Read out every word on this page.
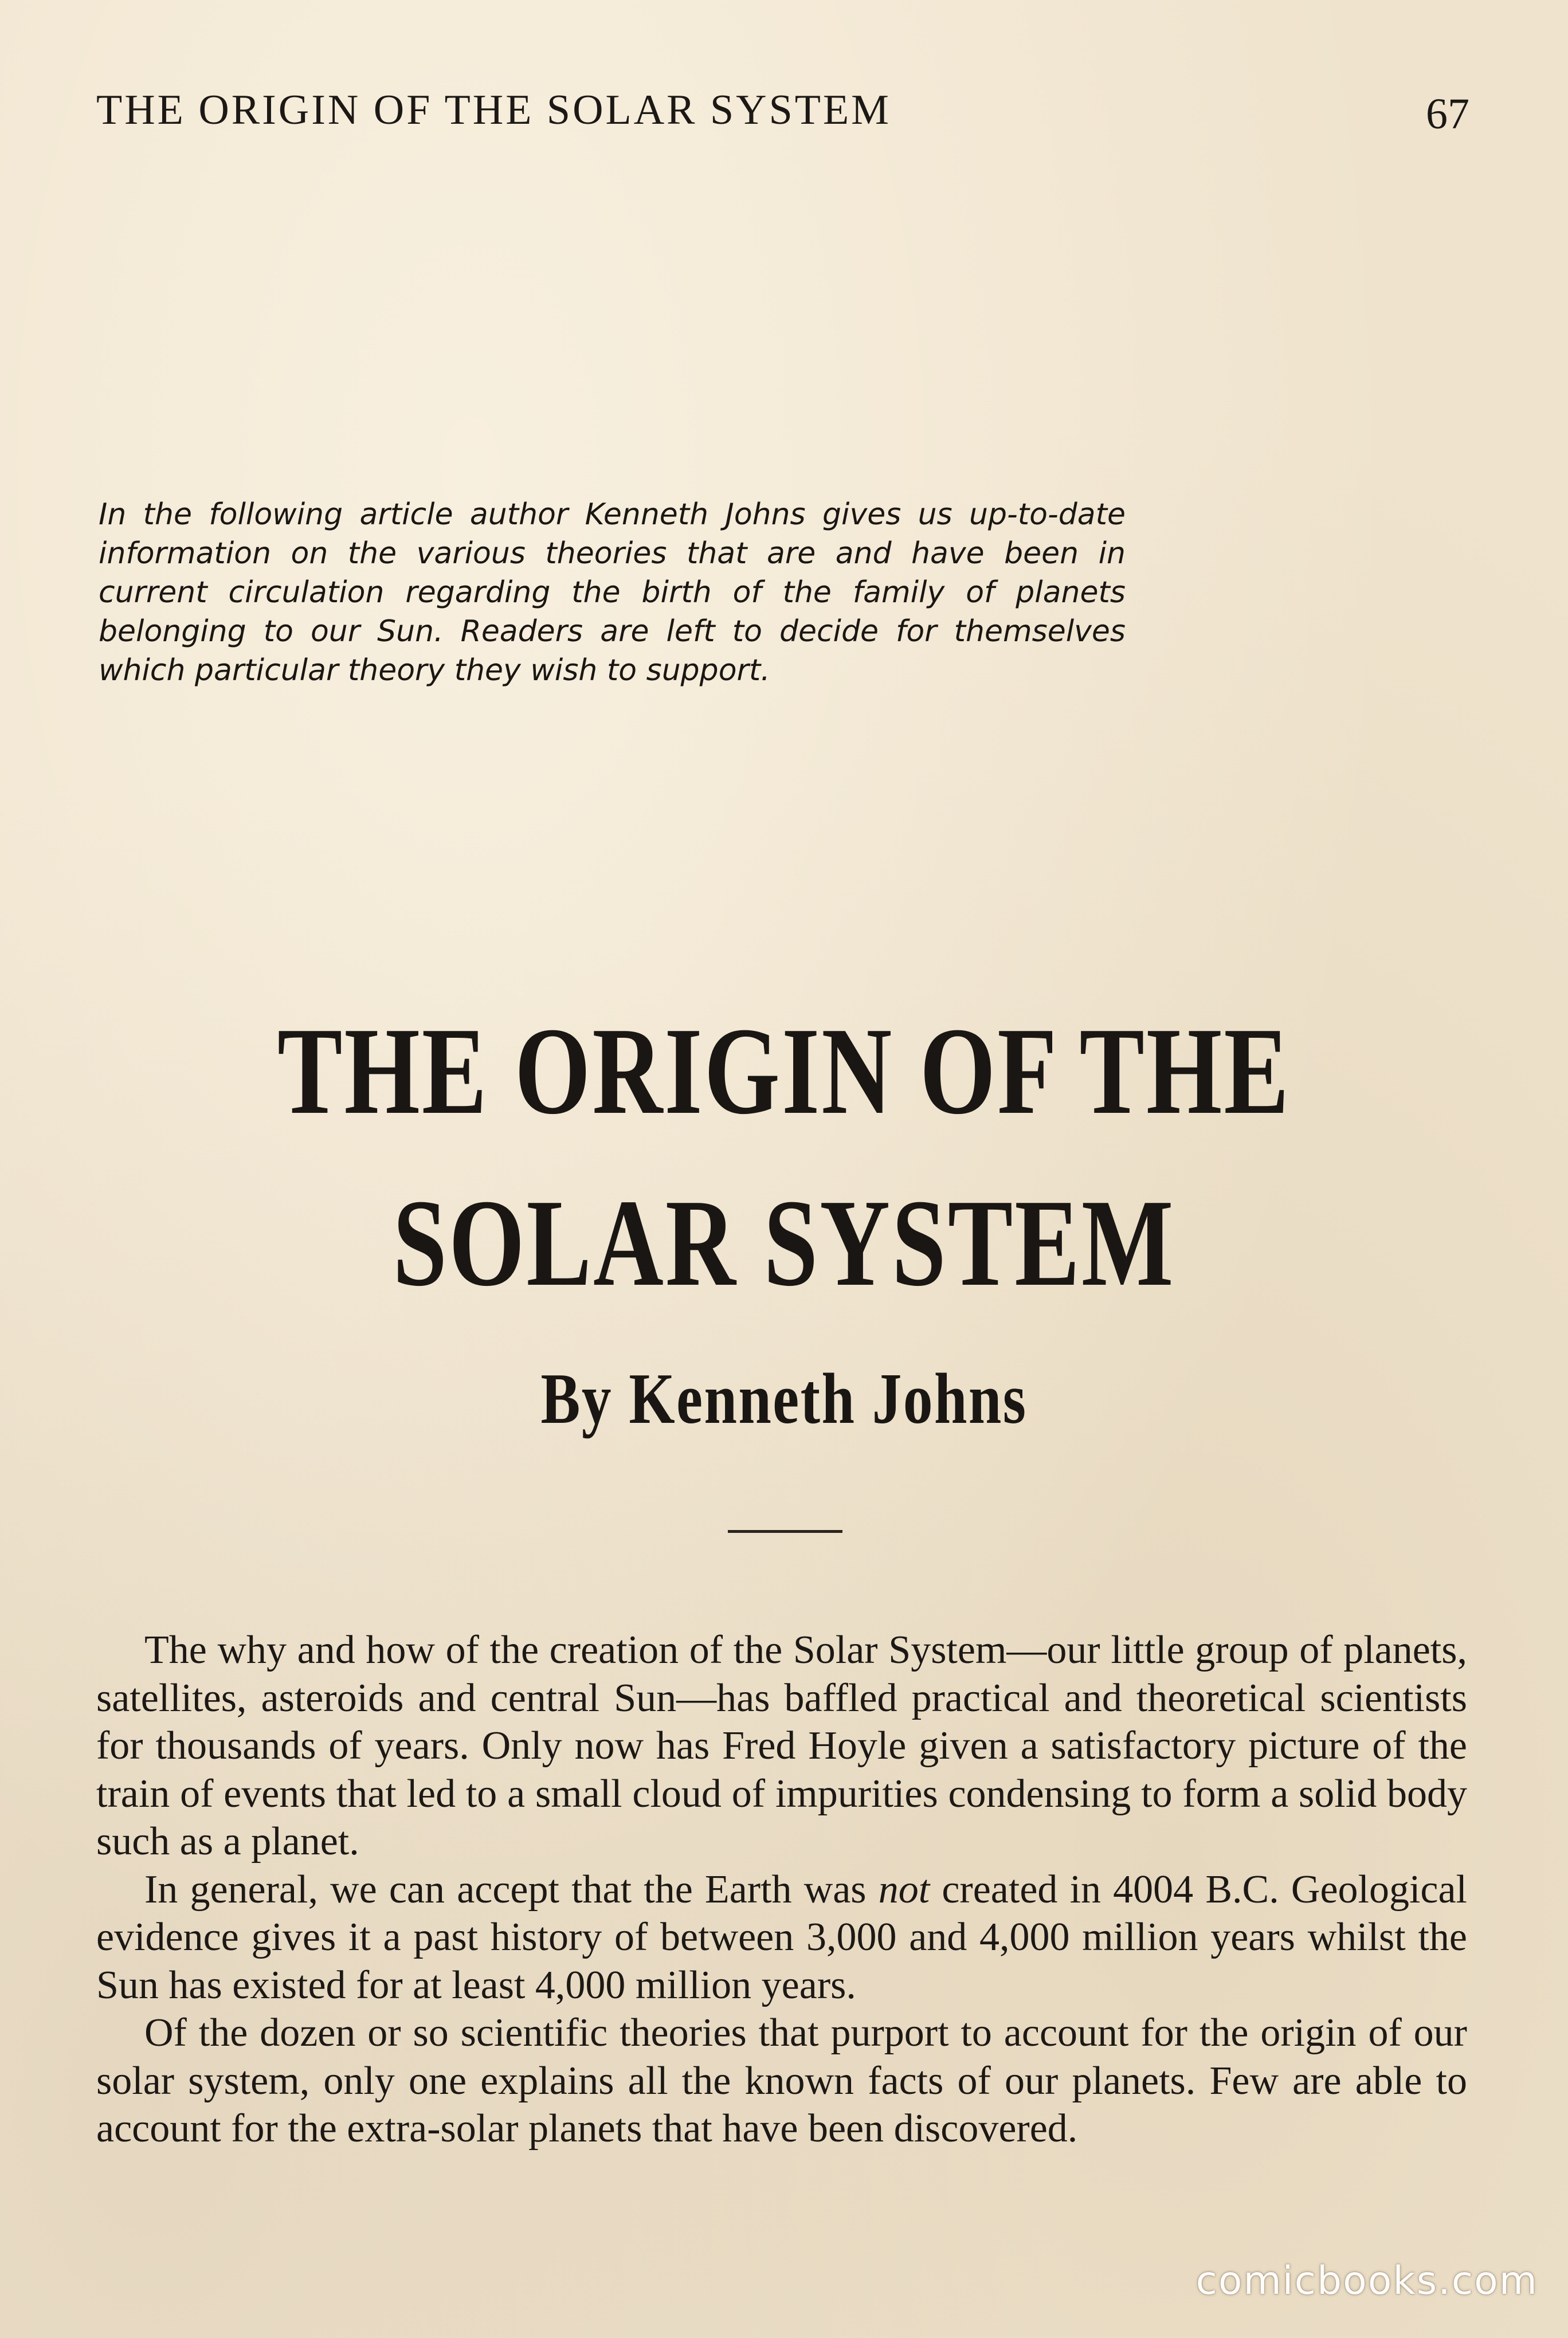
THE ORIGIN OF THE SOLAR SYSTEM	67
In the following article author Kenneth Johns gives us up-to-date information on the various theories that are and have been in current circulation regarding the birth of the family of planets belonging to our Sun. Readers are left to decide for themselves which particular theory they wish to support.
THE ORIGIN OF THE
SOLAR SYSTEM
By Kenneth Johns

The why and how of the creation of the Solar System—our little group of planets, satellites, asteroids and central Sun—has baffled practical and theoretical scientists for thousands of years. Only now has Fred Hoyle given a satisfactory picture of the train of events that led to a small cloud of impurities condensing to form a solid body such as a planet.

In general, we can accept that the Earth was not created in 4004 B.C. Geological evidence gives it a past history of between 3,000 and 4,000 million years whilst the Sun has existed for at least 4,000 million years.

Of the dozen or so scientific theories that purport to account for the origin of our solar system, only one explains all the known facts of our planets. Few are able to account for the extra-solar planets that have been discovered.

comicbooks.com
